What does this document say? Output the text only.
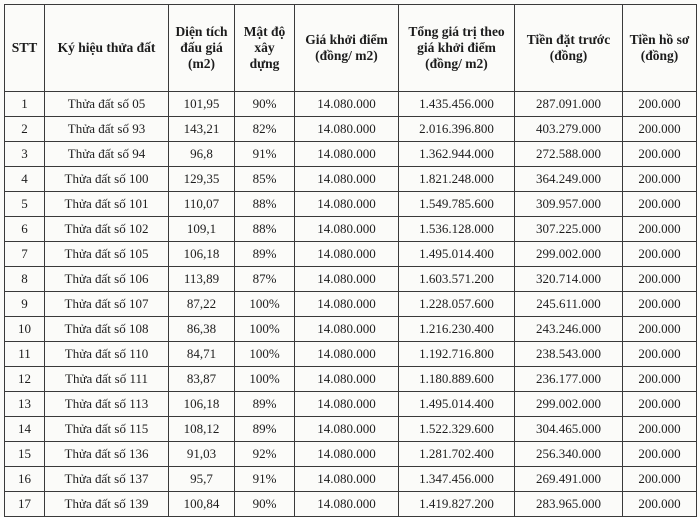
STT	Ký hiệu thửa đất	Diện tích đấu giá (m2)	Mật độ xây dựng	Giá khởi điểm (đồng/ m2)	Tổng giá trị theo giá khởi điểm (đồng/ m2)	Tiền đặt trước (đồng)	Tiền hồ sơ (đồng)
1	Thửa đất số 05	101,95	90%	14.080.000	1.435.456.000	287.091.000	200.000
2	Thửa đất số 93	143,21	82%	14.080.000	2.016.396.800	403.279.000	200.000
3	Thửa đất số 94	96,8	91%	14.080.000	1.362.944.000	272.588.000	200.000
4	Thửa đất số 100	129,35	85%	14.080.000	1.821.248.000	364.249.000	200.000
5	Thửa đất số 101	110,07	88%	14.080.000	1.549.785.600	309.957.000	200.000
6	Thửa đất số 102	109,1	88%	14.080.000	1.536.128.000	307.225.000	200.000
7	Thửa đất số 105	106,18	89%	14.080.000	1.495.014.400	299.002.000	200.000
8	Thửa đất số 106	113,89	87%	14.080.000	1.603.571.200	320.714.000	200.000
9	Thửa đất số 107	87,22	100%	14.080.000	1.228.057.600	245.611.000	200.000
10	Thửa đất số 108	86,38	100%	14.080.000	1.216.230.400	243.246.000	200.000
11	Thửa đất số 110	84,71	100%	14.080.000	1.192.716.800	238.543.000	200.000
12	Thửa đất số 111	83,87	100%	14.080.000	1.180.889.600	236.177.000	200.000
13	Thửa đất số 113	106,18	89%	14.080.000	1.495.014.400	299.002.000	200.000
14	Thửa đất số 115	108,12	89%	14.080.000	1.522.329.600	304.465.000	200.000
15	Thửa đất số 136	91,03	92%	14.080.000	1.281.702.400	256.340.000	200.000
16	Thửa đất số 137	95,7	91%	14.080.000	1.347.456.000	269.491.000	200.000
17	Thửa đất số 139	100,84	90%	14.080.000	1.419.827.200	283.965.000	200.000
